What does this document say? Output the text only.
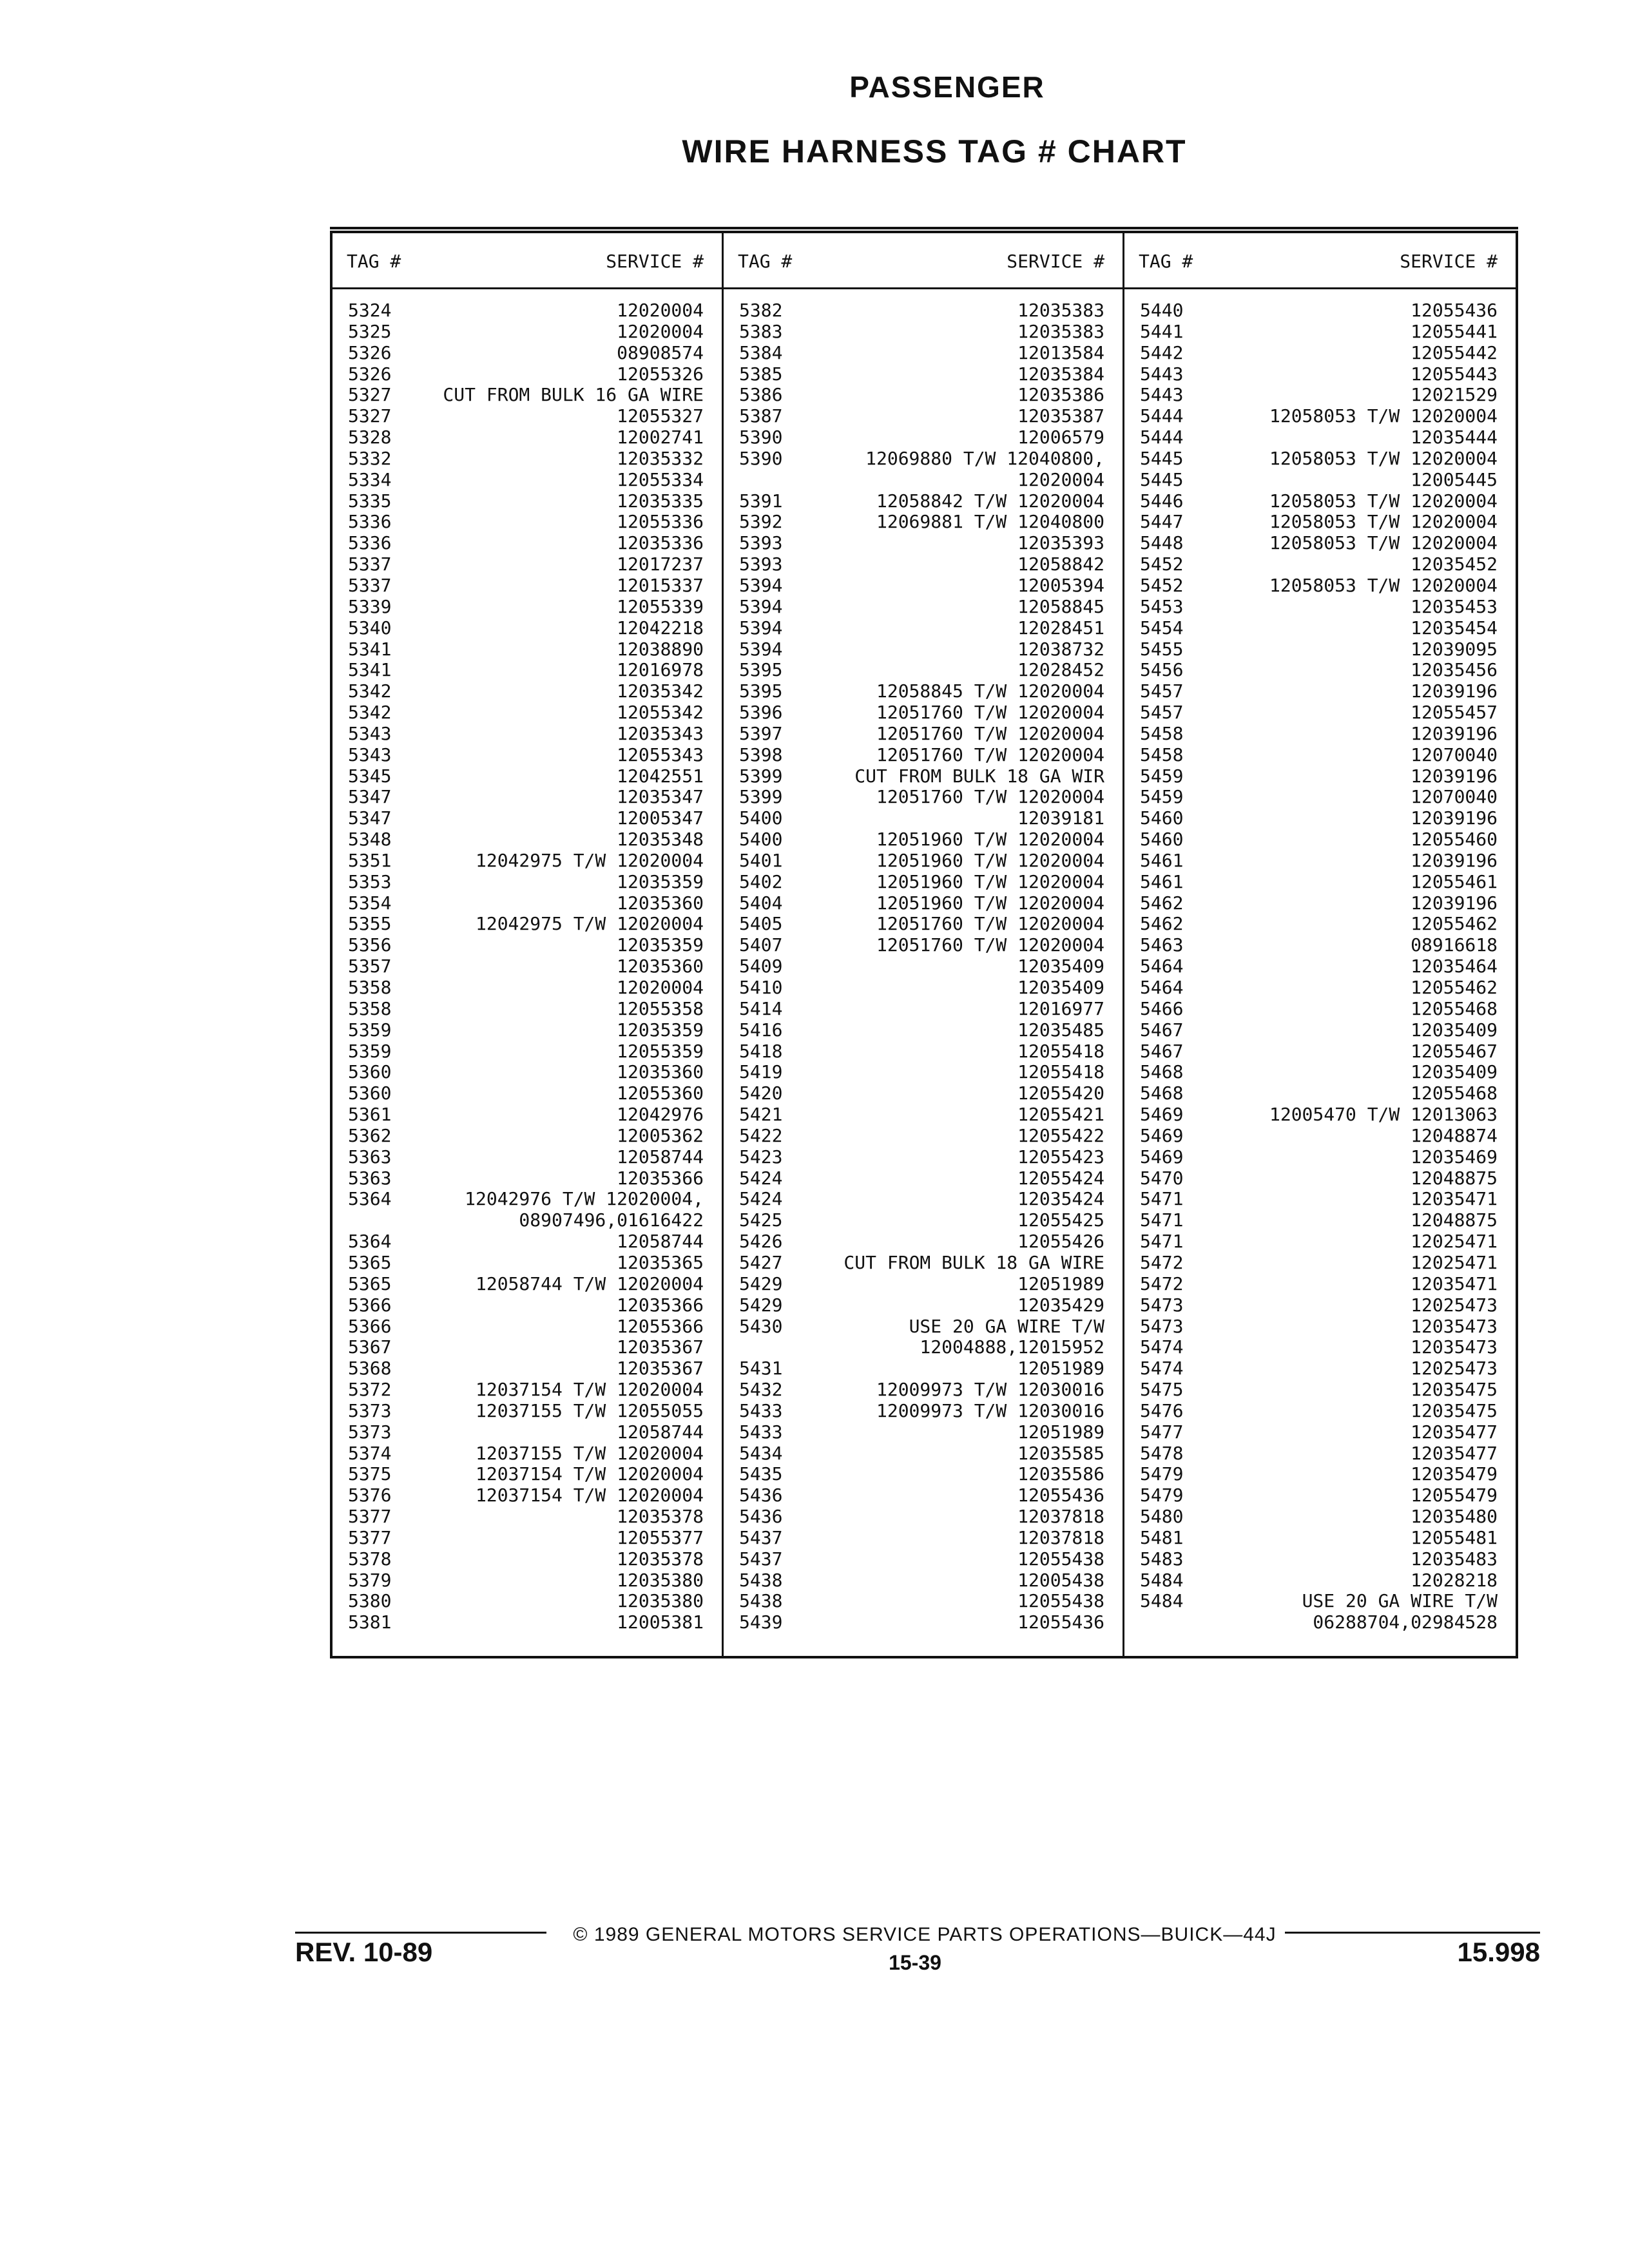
PASSENGER
WIRE HARNESS TAG # CHART
TAG #	SERVICE #
5324	12020004
5325	12020004
5326	08908574
5326	12055326
5327	CUT FROM BULK 16 GA WIRE
5327	12055327
5328	12002741
5332	12035332
5334	12055334
5335	12035335
5336	12055336
5336	12035336
5337	12017237
5337	12015337
5339	12055339
5340	12042218
5341	12038890
5341	12016978
5342	12035342
5342	12055342
5343	12035343
5343	12055343
5345	12042551
5347	12035347
5347	12005347
5348	12035348
5351	12042975 T/W 12020004
5353	12035359
5354	12035360
5355	12042975 T/W 12020004
5356	12035359
5357	12035360
5358	12020004
5358	12055358
5359	12035359
5359	12055359
5360	12035360
5360	12055360
5361	12042976
5362	12005362
5363	12058744
5363	12035366
5364	12042976 T/W 12020004,
08907496,01616422
5364	12058744
5365	12035365
5365	12058744 T/W 12020004
5366	12035366
5366	12055366
5367	12035367
5368	12035367
5372	12037154 T/W 12020004
5373	12037155 T/W 12055055
5373	12058744
5374	12037155 T/W 12020004
5375	12037154 T/W 12020004
5376	12037154 T/W 12020004
5377	12035378
5377	12055377
5378	12035378
5379	12035380
5380	12035380
5381	12005381
TAG #	SERVICE #
5382	12035383
5383	12035383
5384	12013584
5385	12035384
5386	12035386
5387	12035387
5390	12006579
5390	12069880 T/W 12040800,
12020004
5391	12058842 T/W 12020004
5392	12069881 T/W 12040800
5393	12035393
5393	12058842
5394	12005394
5394	12058845
5394	12028451
5394	12038732
5395	12028452
5395	12058845 T/W 12020004
5396	12051760 T/W 12020004
5397	12051760 T/W 12020004
5398	12051760 T/W 12020004
5399	CUT FROM BULK 18 GA WIR
5399	12051760 T/W 12020004
5400	12039181
5400	12051960 T/W 12020004
5401	12051960 T/W 12020004
5402	12051960 T/W 12020004
5404	12051960 T/W 12020004
5405	12051760 T/W 12020004
5407	12051760 T/W 12020004
5409	12035409
5410	12035409
5414	12016977
5416	12035485
5418	12055418
5419	12055418
5420	12055420
5421	12055421
5422	12055422
5423	12055423
5424	12055424
5424	12035424
5425	12055425
5426	12055426
5427	CUT FROM BULK 18 GA WIRE
5429	12051989
5429	12035429
5430	USE 20 GA WIRE T/W
12004888,12015952
5431	12051989
5432	12009973 T/W 12030016
5433	12009973 T/W 12030016
5433	12051989
5434	12035585
5435	12035586
5436	12055436
5436	12037818
5437	12037818
5437	12055438
5438	12005438
5438	12055438
5439	12055436
TAG #	SERVICE #
5440	12055436
5441	12055441
5442	12055442
5443	12055443
5443	12021529
5444	12058053 T/W 12020004
5444	12035444
5445	12058053 T/W 12020004
5445	12005445
5446	12058053 T/W 12020004
5447	12058053 T/W 12020004
5448	12058053 T/W 12020004
5452	12035452
5452	12058053 T/W 12020004
5453	12035453
5454	12035454
5455	12039095
5456	12035456
5457	12039196
5457	12055457
5458	12039196
5458	12070040
5459	12039196
5459	12070040
5460	12039196
5460	12055460
5461	12039196
5461	12055461
5462	12039196
5462	12055462
5463	08916618
5464	12035464
5464	12055462
5466	12055468
5467	12035409
5467	12055467
5468	12035409
5468	12055468
5469	12005470 T/W 12013063
5469	12048874
5469	12035469
5470	12048875
5471	12035471
5471	12048875
5471	12025471
5472	12025471
5472	12035471
5473	12025473
5473	12035473
5474	12035473
5474	12025473
5475	12035475
5476	12035475
5477	12035477
5478	12035477
5479	12035479
5479	12055479
5480	12035480
5481	12055481
5483	12035483
5484	12028218
5484	USE 20 GA WIRE T/W
06288704,02984528
© 1989 GENERAL MOTORS SERVICE PARTS OPERATIONS—BUICK—44J
REV. 10-89	15-39	15.998
